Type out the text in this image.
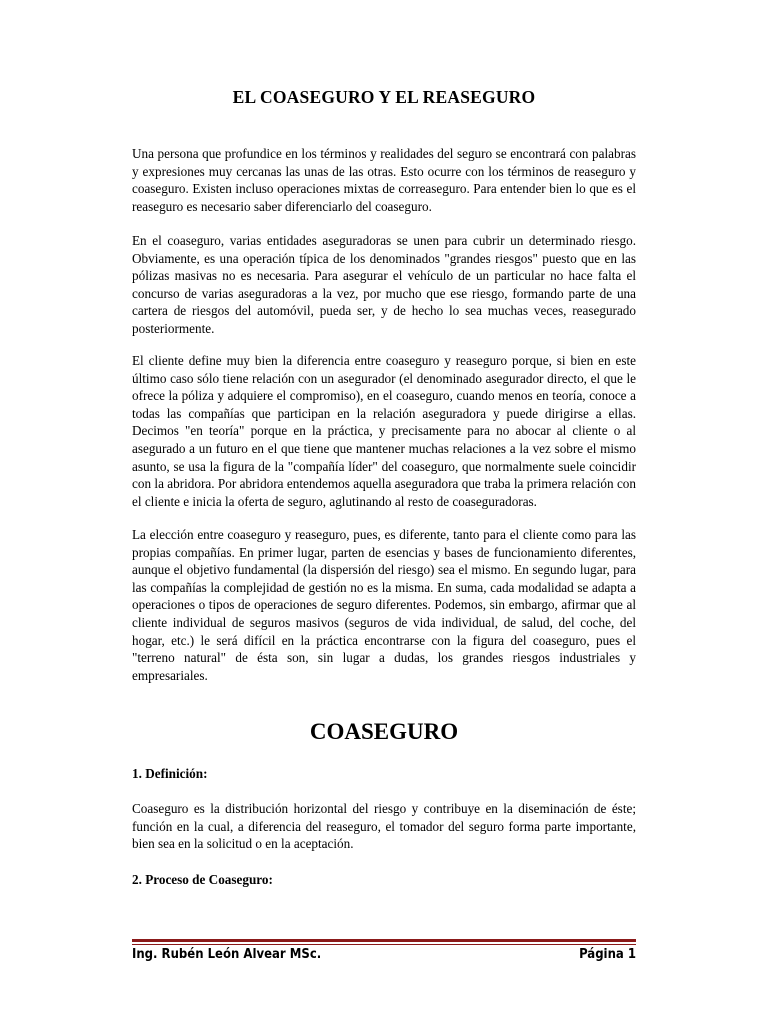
EL COASEGURO Y EL REASEGURO

Una persona que profundice en los términos y realidades del seguro se encontrará con palabras y expresiones muy cercanas las unas de las otras. Esto ocurre con los términos de reaseguro y coaseguro. Existen incluso operaciones mixtas de correaseguro. Para entender bien lo que es el reaseguro es necesario saber diferenciarlo del coaseguro.

En el coaseguro, varias entidades aseguradoras se unen para cubrir un determinado riesgo. Obviamente, es una operación típica de los denominados "grandes riesgos" puesto que en las pólizas masivas no es necesaria. Para asegurar el vehículo de un particular no hace falta el concurso de varias aseguradoras a la vez, por mucho que ese riesgo, formando parte de una cartera de riesgos del automóvil, pueda ser, y de hecho lo sea muchas veces, reasegurado posteriormente.

El cliente define muy bien la diferencia entre coaseguro y reaseguro porque, si bien en este último caso sólo tiene relación con un asegurador (el denominado asegurador directo, el que le ofrece la póliza y adquiere el compromiso), en el coaseguro, cuando menos en teoría, conoce a todas las compañías que participan en la relación aseguradora y puede dirigirse a ellas. Decimos "en teoría" porque en la práctica, y precisamente para no abocar al cliente o al asegurado a un futuro en el que tiene que mantener muchas relaciones a la vez sobre el mismo asunto, se usa la figura de la "compañía líder" del coaseguro, que normalmente suele coincidir con la abridora. Por abridora entendemos aquella aseguradora que traba la primera relación con el cliente e inicia la oferta de seguro, aglutinando al resto de coaseguradoras.

La elección entre coaseguro y reaseguro, pues, es diferente, tanto para el cliente como para las propias compañías. En primer lugar, parten de esencias y bases de funcionamiento diferentes, aunque el objetivo fundamental (la dispersión del riesgo) sea el mismo. En segundo lugar, para las compañías la complejidad de gestión no es la misma. En suma, cada modalidad se adapta a operaciones o tipos de operaciones de seguro diferentes. Podemos, sin embargo, afirmar que al cliente individual de seguros masivos (seguros de vida individual, de salud, del coche, del hogar, etc.) le será difícil en la práctica encontrarse con la figura del coaseguro, pues el "terreno natural" de ésta son, sin lugar a dudas, los grandes riesgos industriales y empresariales.

COASEGURO
1. Definición:

Coaseguro es la distribución horizontal del riesgo y contribuye en la diseminación de éste; función en la cual, a diferencia del reaseguro, el tomador del seguro forma parte importante, bien sea en la solicitud o en la aceptación.

2. Proceso de Coaseguro:
Ing. Rubén León Alvear MSc.	Página 1
